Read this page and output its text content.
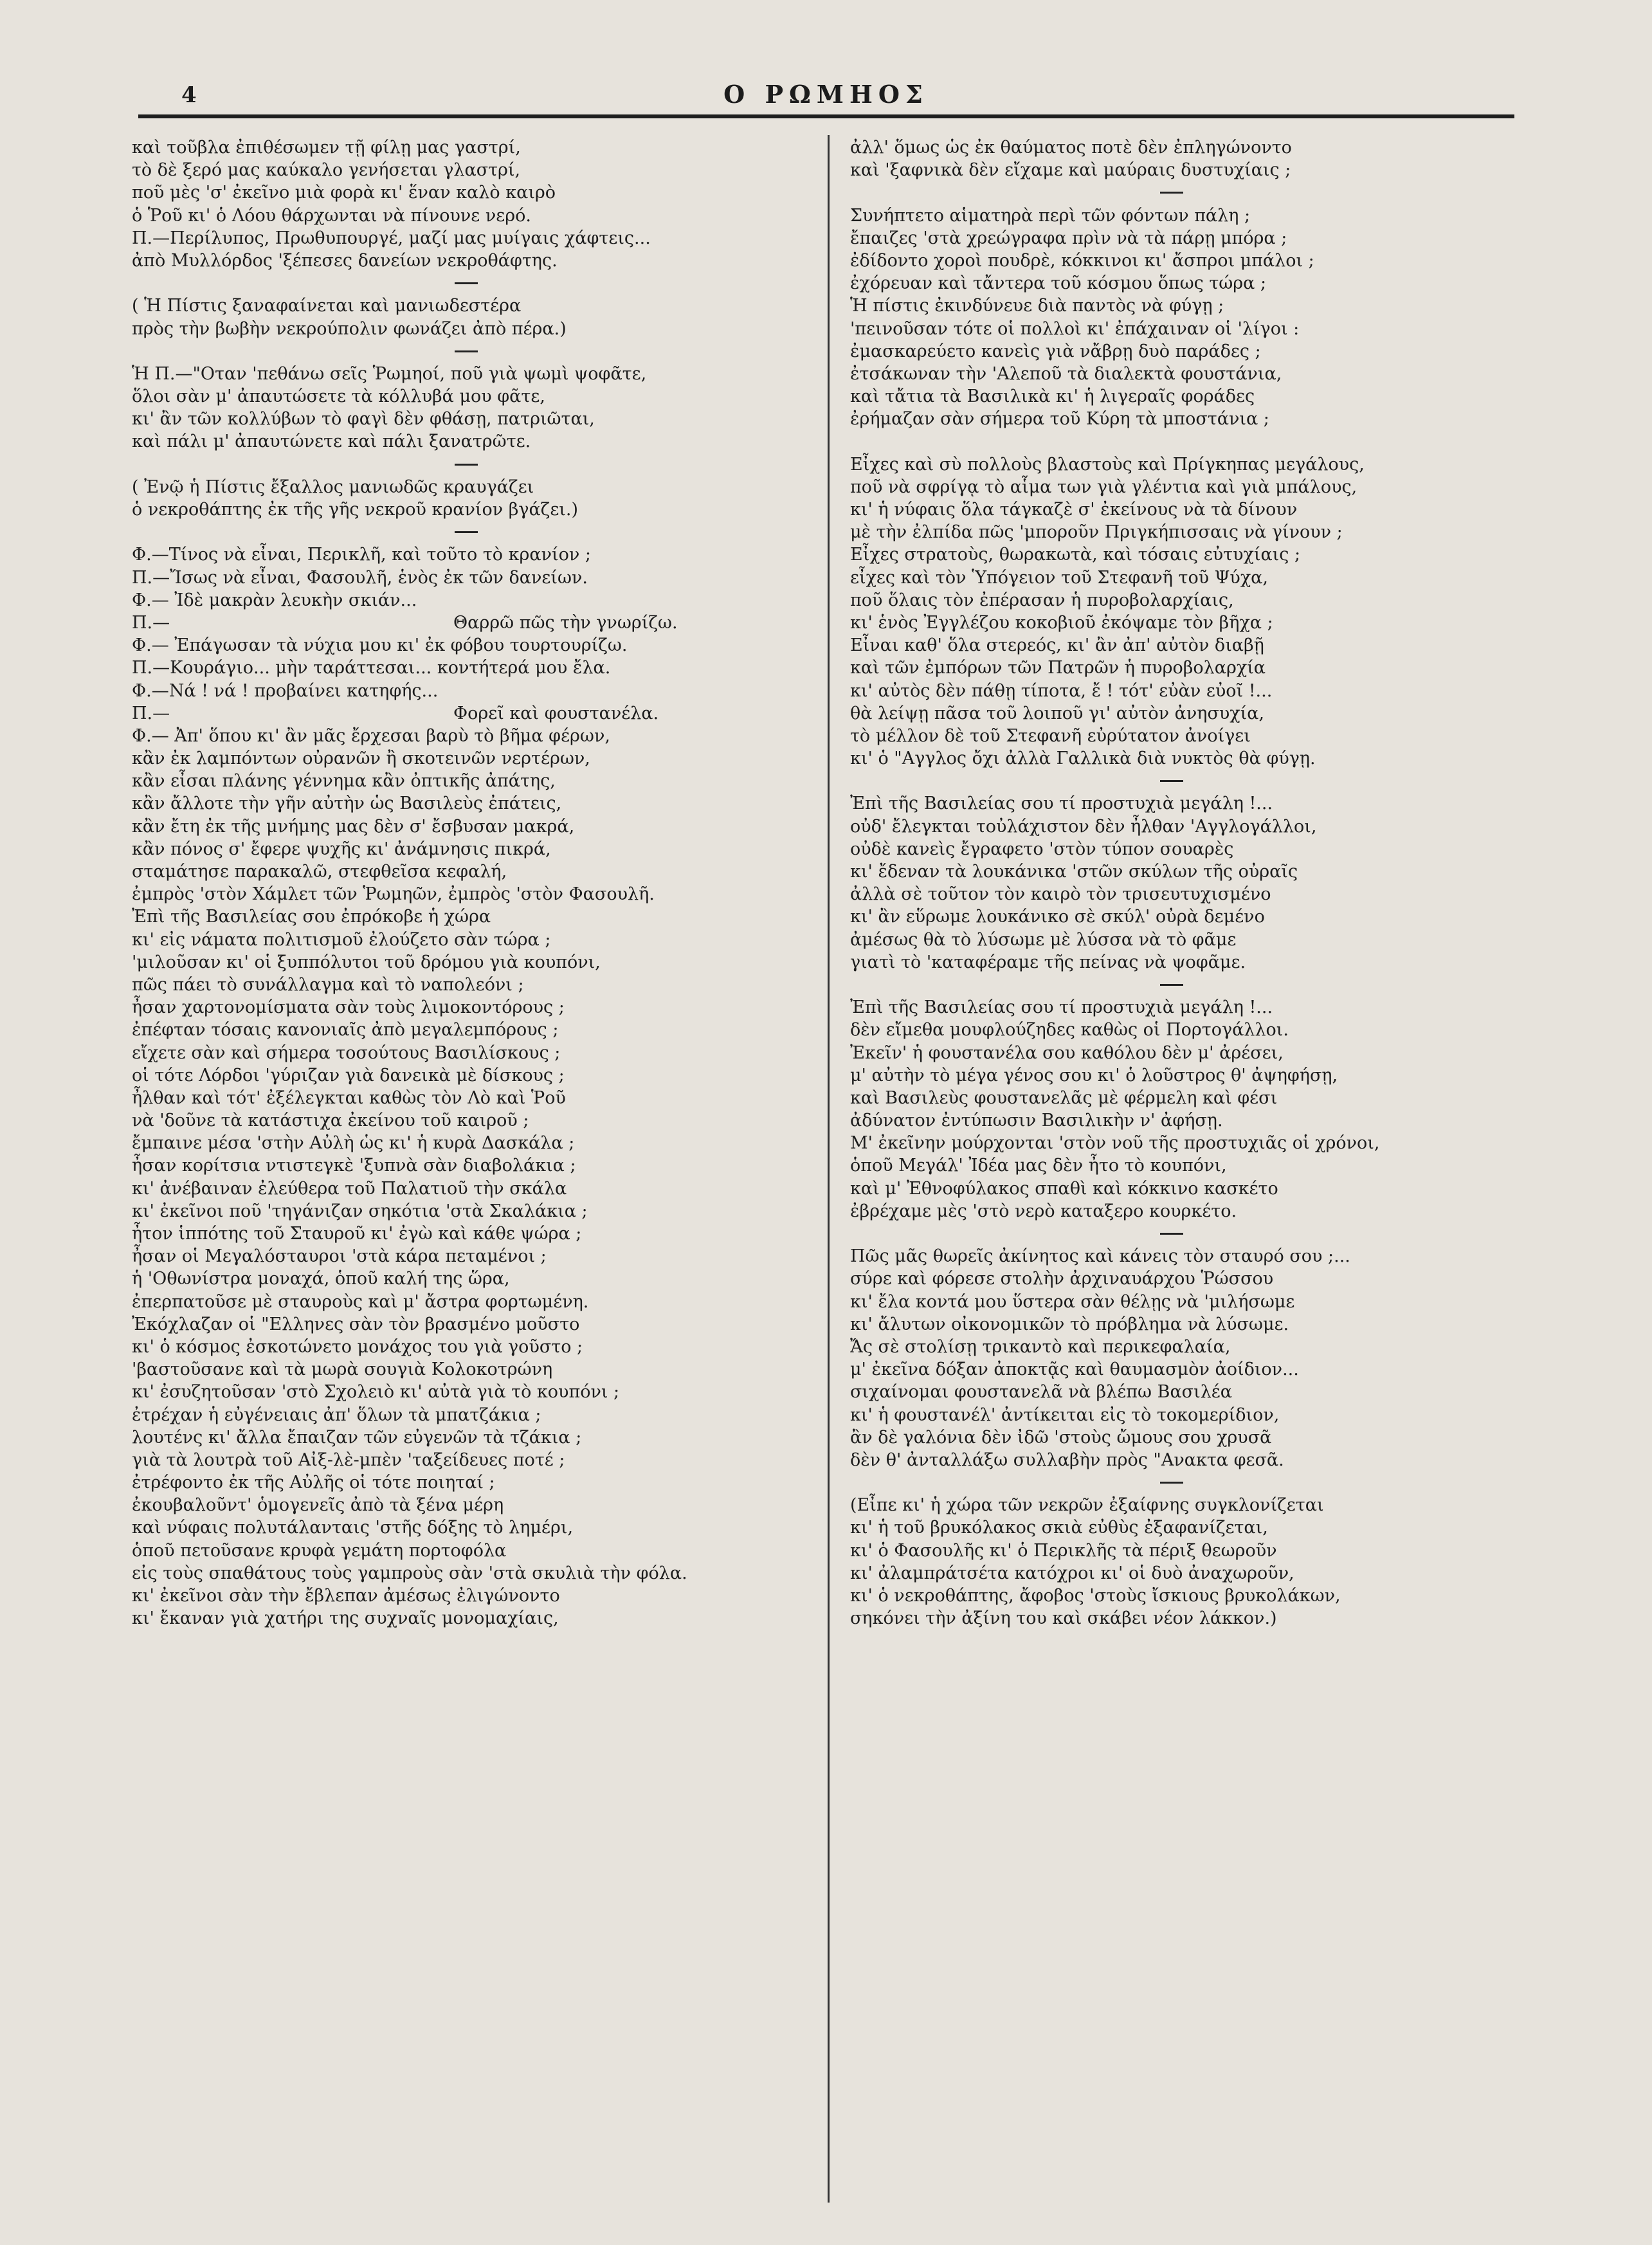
4	Ο ΡΩΜΗΟΣ
καὶ τοῦβλα ἐπιθέσωμεν τῇ φίλῃ μας γαστρί,
τὸ δὲ ξερό μας καύκαλο γενήσεται γλαστρί,
ποῦ μὲς 'σ' ἐκεῖνο μιὰ φορὰ κι' ἕναν καλὸ καιρὸ
ὁ Ῥοῦ κι' ὁ Λόου θάρχωνται νὰ πίνουνε νερό.
Π.—Περίλυπος, Πρωθυπουργέ, μαζί μας μυίγαις χάφτεις...
ἀπὸ Μυλλόρδος 'ξέπεσες δανείων νεκροθάφτης.
( Ἡ Πίστις ξαναφαίνεται καὶ μανιωδεστέρα
πρὸς τὴν βωβὴν νεκρούπολιν φωνάζει ἀπὸ πέρα.)
Ἡ Π.—"Οταν 'πεθάνω σεῖς Ῥωμηοί, ποῦ γιὰ ψωμὶ ψοφᾶτε,
ὅλοι σὰν μ' ἀπαυτώσετε τὰ κόλλυβά μου φᾶτε,
κι' ἂν τῶν κολλύβων τὸ φαγὶ δὲν φθάσῃ, πατριῶται,
καὶ πάλι μ' ἀπαυτώνετε καὶ πάλι ξανατρῶτε.
( Ἐνῷ ἡ Πίστις ἔξαλλος μανιωδῶς κραυγάζει
ὁ νεκροθάπτης ἐκ τῆς γῆς νεκροῦ κρανίον βγάζει.)
Φ.—Τίνος νὰ εἶναι, Περικλῆ, καὶ τοῦτο τὸ κρανίον ;
Π.—Ἴσως νὰ εἶναι, Φασουλῆ, ἑνὸς ἐκ τῶν δανείων.
Φ.— Ἰδὲ μακρὰν λευκὴν σκιάν...
Π.—	Θαρρῶ πῶς τὴν γνωρίζω.
Φ.— Ἐπάγωσαν τὰ νύχια μου κι' ἐκ φόβου τουρτουρίζω.
Π.—Κουράγιο... μὴν ταράττεσαι... κοντήτερά μου ἔλα.
Φ.—Νά ! νά ! προβαίνει κατηφής...
Π.—	Φορεῖ καὶ φουστανέλα.
Φ.— Ἀπ' ὅπου κι' ἂν μᾶς ἔρχεσαι βαρὺ τὸ βῆμα φέρων,
κἂν ἐκ λαμπόντων οὐρανῶν ἢ σκοτεινῶν νερτέρων,
κἂν εἶσαι πλάνης γέννημα κἂν ὀπτικῆς ἀπάτης,
κἂν ἄλλοτε τὴν γῆν αὐτὴν ὡς Βασιλεὺς ἐπάτεις,
κἂν ἔτη ἐκ τῆς μνήμης μας δὲν σ' ἔσβυσαν μακρά,
κἂν πόνος σ' ἔφερε ψυχῆς κι' ἀνάμνησις πικρά,
σταμάτησε παρακαλῶ, στεφθεῖσα κεφαλή,
ἐμπρὸς 'στὸν Χάμλετ τῶν Ῥωμηῶν, ἐμπρὸς 'στὸν Φασουλῆ.
Ἐπὶ τῆς Βασιλείας σου ἐπρόκοβε ἡ χώρα
κι' εἰς νάματα πολιτισμοῦ ἐλούζετο σὰν τώρα ;
'μιλοῦσαν κι' οἱ ξυππόλυτοι τοῦ δρόμου γιὰ κουπόνι,
πῶς πάει τὸ συνάλλαγμα καὶ τὸ ναπολεόνι ;
ἦσαν χαρτονομίσματα σὰν τοὺς λιμοκοντόρους ;
ἐπέφταν τόσαις κανονιαῖς ἀπὸ μεγαλεμπόρους ;
εἴχετε σὰν καὶ σήμερα τοσούτους Βασιλίσκους ;
οἱ τότε Λόρδοι 'γύριζαν γιὰ δανεικὰ μὲ δίσκους ;
ἦλθαν καὶ τότ' ἐξέλεγκται καθὼς τὸν Λὸ καὶ Ῥοῦ
νὰ 'δοῦνε τὰ κατάστιχα ἐκείνου τοῦ καιροῦ ;
ἔμπαινε μέσα 'στὴν Αὐλὴ ὡς κι' ἡ κυρὰ Δασκάλα ;
ἦσαν κορίτσια ντιστεγκὲ 'ξυπνὰ σὰν διαβολάκια ;
κι' ἀνέβαιναν ἐλεύθερα τοῦ Παλατιοῦ τὴν σκάλα
κι' ἐκεῖνοι ποῦ 'τηγάνιζαν σηκότια 'στὰ Σκαλάκια ;
ἦτον ἱππότης τοῦ Σταυροῦ κι' ἐγὼ καὶ κάθε ψώρα ;
ἦσαν οἱ Μεγαλόσταυροι 'στὰ κάρα πεταμένοι ;
ἡ 'Οθωνίστρα μοναχά, ὁποῦ καλή της ὥρα,
ἐπερπατοῦσε μὲ σταυροὺς καὶ μ' ἄστρα φορτωμένη.
Ἐκόχλαζαν οἱ "Ελληνες σὰν τὸν βρασμένο μοῦστο
κι' ὁ κόσμος ἐσκοτώνετο μονάχος του γιὰ γοῦστο ;
'βαστοῦσανε καὶ τὰ μωρὰ σουγιὰ Κολοκοτρώνη
κι' ἐσυζητοῦσαν 'στὸ Σχολειὸ κι' αὐτὰ γιὰ τὸ κουπόνι ;
ἐτρέχαν ἡ εὐγένειαις ἀπ' ὅλων τὰ μπατζάκια ;
λουτένς κι' ἄλλα ἔπαιζαν τῶν εὐγενῶν τὰ τζάκια ;
γιὰ τὰ λουτρὰ τοῦ Αἰξ-λὲ-μπὲν 'ταξείδευες ποτέ ;
ἐτρέφοντο ἐκ τῆς Αὐλῆς οἱ τότε ποιηταί ;
ἐκουβαλοῦντ' ὁμογενεῖς ἀπὸ τὰ ξένα μέρη
καὶ νύφαις πολυτάλανταις 'στῆς δόξης τὸ λημέρι,
ὁποῦ πετοῦσανε κρυφὰ γεμάτη πορτοφόλα
εἰς τοὺς σπαθάτους τοὺς γαμπροὺς σὰν 'στὰ σκυλιὰ τὴν φόλα.
κι' ἐκεῖνοι σὰν τὴν ἔβλεπαν ἀμέσως ἐλιγώνοντο
κι' ἔκαναν γιὰ χατήρι της συχναῖς μονομαχίαις,
ἀλλ' ὅμως ὡς ἐκ θαύματος ποτὲ δὲν ἐπληγώνοντο
καὶ 'ξαφνικὰ δὲν εἴχαμε καὶ μαύραις δυστυχίαις ;
Συνήπτετο αἱματηρὰ περὶ τῶν φόντων πάλη ;
ἔπαιζες 'στὰ χρεώγραφα πρὶν νὰ τὰ πάρῃ μπόρα ;
ἐδίδοντο χοροὶ πουδρὲ, κόκκινοι κι' ἄσπροι μπάλοι ;
ἐχόρευαν καὶ τἄντερα τοῦ κόσμου ὅπως τώρα ;
Ἡ πίστις ἐκινδύνευε διὰ παντὸς νὰ φύγῃ ;
'πεινοῦσαν τότε οἱ πολλοὶ κι' ἐπάχαιναν οἱ 'λίγοι :
ἐμασκαρεύετο κανεὶς γιὰ νἄβρῃ δυὸ παράδες ;
ἐτσάκωναν τὴν 'Αλεποῦ τὰ διαλεκτὰ φουστάνια,
καὶ τἄτια τὰ Βασιλικὰ κι' ἡ λιγεραῖς φοράδες
ἐρήμαζαν σὰν σήμερα τοῦ Κύρη τὰ μποστάνια ;
Εἶχες καὶ σὺ πολλοὺς βλαστοὺς καὶ Πρίγκηπας μεγάλους,
ποῦ νὰ σφρίγᾳ τὸ αἷμα των γιὰ γλέντια καὶ γιὰ μπάλους,
κι' ἡ νύφαις ὅλα τάγκαζὲ σ' ἐκείνους νὰ τὰ δίνουν
μὲ τὴν ἐλπίδα πῶς 'μποροῦν Πριγκήπισσαις νὰ γίνουν ;
Εἶχες στρατοὺς, θωρακωτὰ, καὶ τόσαις εὐτυχίαις ;
εἶχες καὶ τὸν Ὑπόγειον τοῦ Στεφανῆ τοῦ Ψύχα,
ποῦ ὅλαις τὸν ἐπέρασαν ἡ πυροβολαρχίαις,
κι' ἑνὸς Ἐγγλέζου κοκοβιοῦ ἐκόψαμε τὸν βῆχα ;
Εἶναι καθ' ὅλα στερεός, κι' ἂν ἀπ' αὐτὸν διαβῇ
καὶ τῶν ἐμπόρων τῶν Πατρῶν ἡ πυροβολαρχία
κι' αὐτὸς δὲν πάθῃ τίποτα, ἔ ! τότ' εὐὰν εὐοῖ !...
θὰ λείψῃ πᾶσα τοῦ λοιποῦ γι' αὐτὸν ἀνησυχία,
τὸ μέλλον δὲ τοῦ Στεφανῆ εὐρύτατον ἀνοίγει
κι' ὁ "Αγγλος ὄχι ἀλλὰ Γαλλικὰ διὰ νυκτὸς θὰ φύγῃ.
Ἐπὶ τῆς Βασιλείας σου τί προστυχιὰ μεγάλη !...
οὐδ' ἔλεγκται τοὐλάχιστον δὲν ἦλθαν 'Αγγλογάλλοι,
οὐδὲ κανεὶς ἔγραφετο 'στὸν τύπον σουαρὲς
κι' ἔδεναν τὰ λουκάνικα 'στῶν σκύλων τῆς οὐραῖς
ἀλλὰ σὲ τοῦτον τὸν καιρὸ τὸν τρισευτυχισμένο
κι' ἂν εὕρωμε λουκάνικο σὲ σκύλ' οὐρὰ δεμένο
ἀμέσως θὰ τὸ λύσωμε μὲ λύσσα νὰ τὸ φᾶμε
γιατὶ τὸ 'καταφέραμε τῆς πείνας νὰ ψοφᾶμε.
Ἐπὶ τῆς Βασιλείας σου τί προστυχιὰ μεγάλη !...
δὲν εἴμεθα μουφλούζηδες καθὼς οἱ Πορτογάλλοι.
Ἐκεῖν' ἡ φουστανέλα σου καθόλου δὲν μ' ἀρέσει,
μ' αὐτὴν τὸ μέγα γένος σου κι' ὁ λοῦστρος θ' ἀψηφήσῃ,
καὶ Βασιλεὺς φουστανελᾶς μὲ φέρμελη καὶ φέσι
ἀδύνατον ἐντύπωσιν Βασιλικὴν ν' ἀφήσῃ.
Μ' ἐκεῖνην μούρχονται 'στὸν νοῦ τῆς προστυχιᾶς οἱ χρόνοι,
ὁποῦ Μεγάλ' Ἰδέα μας δὲν ἦτο τὸ κουπόνι,
καὶ μ' Ἐθνοφύλακος σπαθὶ καὶ κόκκινο κασκέτο
ἐβρέχαμε μὲς 'στὸ νερὸ καταξερο κουρκέτο.
Πῶς μᾶς θωρεῖς ἀκίνητος καὶ κάνεις τὸν σταυρό σου ;...
σύρε καὶ φόρεσε στολὴν ἀρχιναυάρχου Ῥώσσου
κι' ἔλα κοντά μου ὕστερα σὰν θέλῃς νὰ 'μιλήσωμε
κι' ἄλυτων οἰκονομικῶν τὸ πρόβλημα νὰ λύσωμε.
Ἄς σὲ στολίσῃ τρικαντὸ καὶ περικεφαλαία,
μ' ἐκεῖνα δόξαν ἀποκτᾷς καὶ θαυμασμὸν ἀοίδιον...
σιχαίνομαι φουστανελᾶ νὰ βλέπω Βασιλέα
κι' ἡ φουστανέλ' ἀντίκειται εἰς τὸ τοκομερίδιον,
ἂν δὲ γαλόνια δὲν ἰδῶ 'στοὺς ὤμους σου χρυσᾶ
δὲν θ' ἀνταλλάξω συλλαβὴν πρὸς "Ανακτα φεσᾶ.
(Εἶπε κι' ἡ χώρα τῶν νεκρῶν ἐξαίφνης συγκλονίζεται
κι' ἡ τοῦ βρυκόλακος σκιὰ εὐθὺς ἐξαφανίζεται,
κι' ὁ Φασουλῆς κι' ὁ Περικλῆς τὰ πέριξ θεωροῦν
κι' ἀλαμπράτσέτα κατόχροι κι' οἱ δυὸ ἀναχωροῦν,
κι' ὁ νεκροθάπτης, ἄφοβος 'στοὺς ἴσκιους βρυκολάκων,
σηκόνει τὴν ἀξίνη του καὶ σκάβει νέον λάκκον.)
